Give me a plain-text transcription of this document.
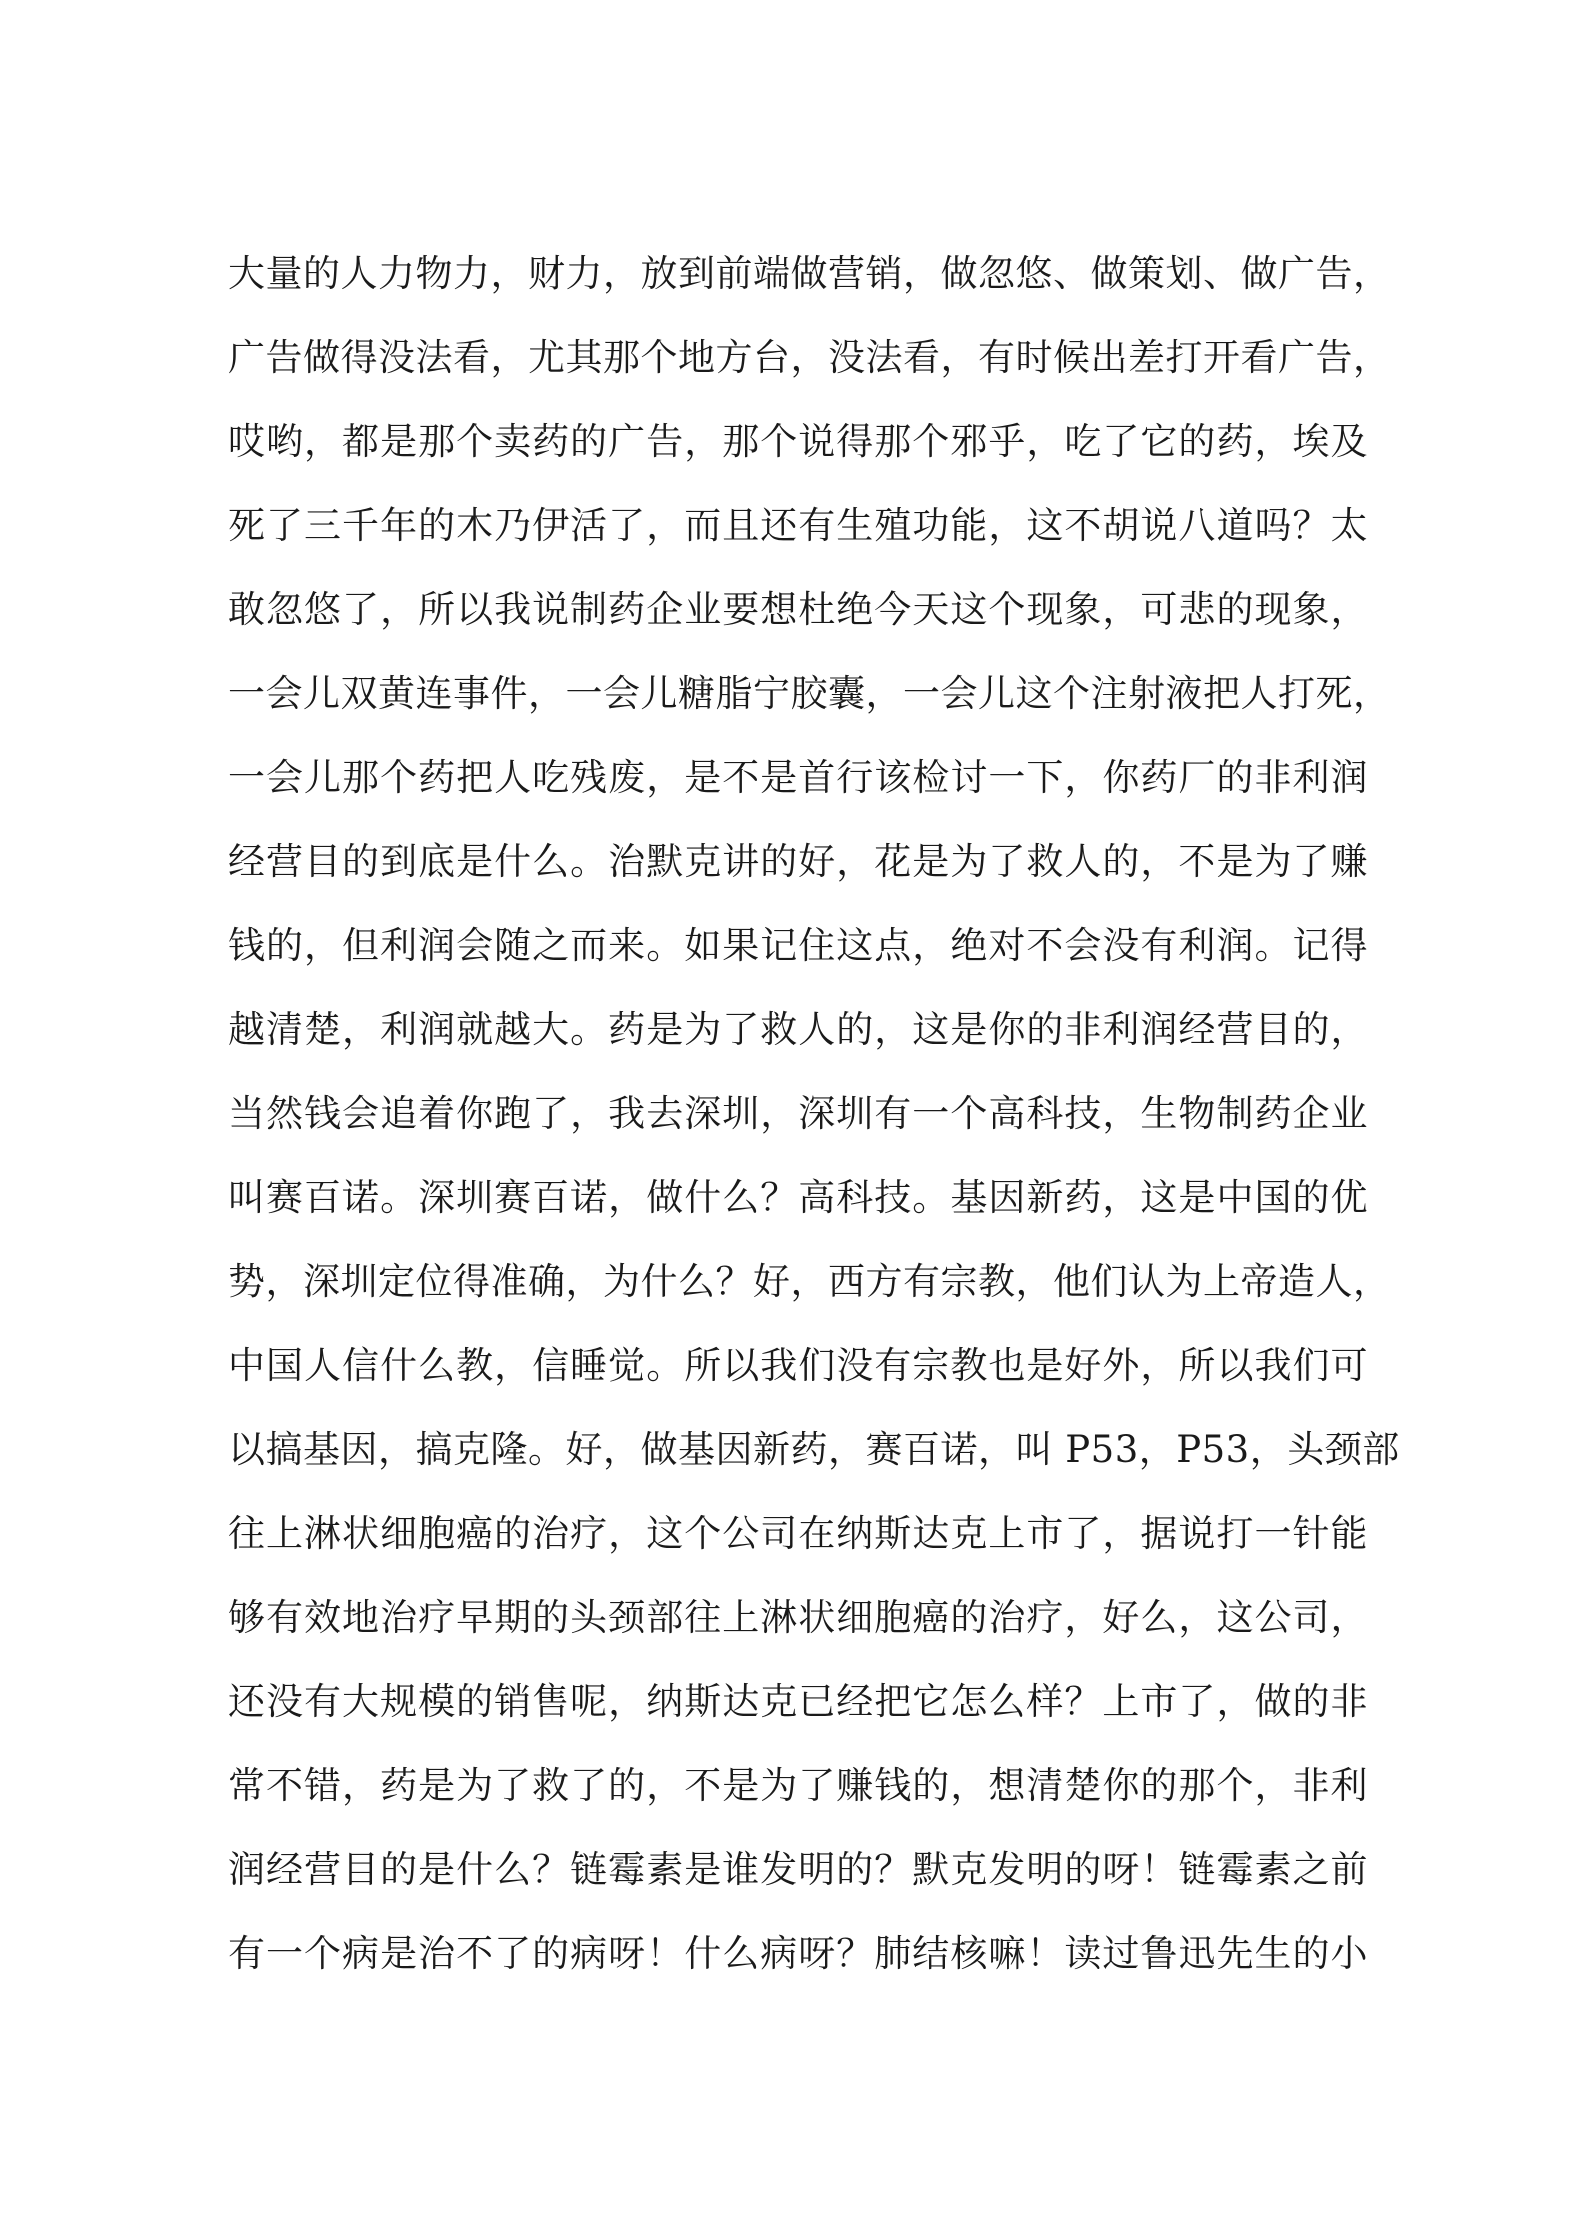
大量的人力物力，财力，放到前端做营销，做忽悠、做策划、做广告，
广告做得没法看，尤其那个地方台，没法看，有时候出差打开看广告，
哎哟，都是那个卖药的广告，那个说得那个邪乎，吃了它的药，埃及
死了三千年的木乃伊活了，而且还有生殖功能，这不胡说八道吗？太
敢忽悠了，所以我说制药企业要想杜绝今天这个现象，可悲的现象，
一会儿双黄连事件，一会儿糖脂宁胶囊，一会儿这个注射液把人打死，
一会儿那个药把人吃残废，是不是首行该检讨一下，你药厂的非利润
经营目的到底是什么。治默克讲的好，花是为了救人的，不是为了赚
钱的，但利润会随之而来。如果记住这点，绝对不会没有利润。记得
越清楚，利润就越大。药是为了救人的，这是你的非利润经营目的，
当然钱会追着你跑了，我去深圳，深圳有一个高科技，生物制药企业
叫赛百诺。深圳赛百诺，做什么？高科技。基因新药，这是中国的优
势，深圳定位得准确，为什么？好，西方有宗教，他们认为上帝造人，
中国人信什么教，信睡觉。所以我们没有宗教也是好外，所以我们可
以搞基因，搞克隆。好，做基因新药，赛百诺，叫 P53，P53，头颈部
往上淋状细胞癌的治疗，这个公司在纳斯达克上市了，据说打一针能
够有效地治疗早期的头颈部往上淋状细胞癌的治疗，好么，这公司，
还没有大规模的销售呢，纳斯达克已经把它怎么样？上市了，做的非
常不错，药是为了救了的，不是为了赚钱的，想清楚你的那个，非利
润经营目的是什么？链霉素是谁发明的？默克发明的呀！链霉素之前
有一个病是治不了的病呀！什么病呀？肺结核嘛！读过鲁迅先生的小
